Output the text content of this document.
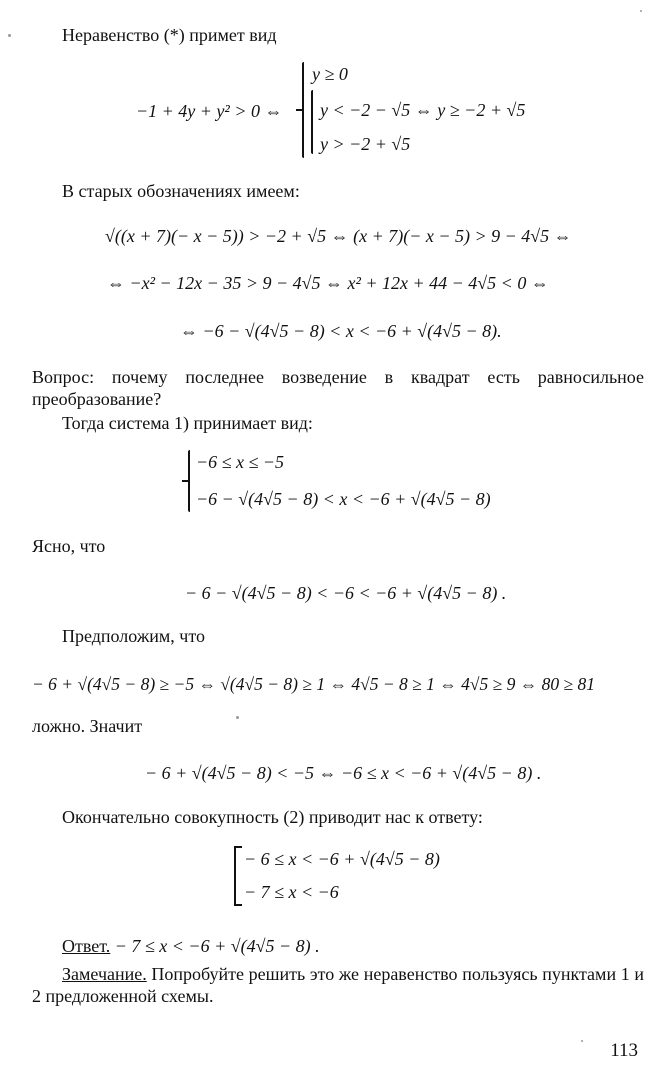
Неравенство (*) примет вид
−1 + 4y + y² > 0 ⇔
y ≥ 0
y < −2 − √5 ⇔ y ≥ −2 + √5
y > −2 + √5
В старых обозначениях имеем:
√((x + 7)(− x − 5)) > −2 + √5 ⇔ (x + 7)(− x − 5) > 9 − 4√5 ⇔
⇔ −x² − 12x − 35 > 9 − 4√5 ⇔ x² + 12x + 44 − 4√5 < 0 ⇔
⇔ −6 − √(4√5 − 8) < x < −6 + √(4√5 − 8).
Вопрос: почему последнее возведение в квадрат есть равносильное преобразование?
Тогда система 1) принимает вид:
−6 ≤ x ≤ −5
−6 − √(4√5 − 8) < x < −6 + √(4√5 − 8)
Ясно, что
− 6 − √(4√5 − 8) < −6 < −6 + √(4√5 − 8) .
Предположим, что
− 6 + √(4√5 − 8) ≥ −5 ⇔ √(4√5 − 8) ≥ 1 ⇔ 4√5 − 8 ≥ 1 ⇔ 4√5 ≥ 9 ⇔ 80 ≥ 81
ложно. Значит
− 6 + √(4√5 − 8) < −5 ⇔ −6 ≤ x < −6 + √(4√5 − 8) .
Окончательно совокупность (2) приводит нас к ответу:
− 6 ≤ x < −6 + √(4√5 − 8)
− 7 ≤ x < −6
Ответ. − 7 ≤ x < −6 + √(4√5 − 8) .
Замечание. Попробуйте решить это же неравенство пользуясь пунктами 1 и 2 предложенной схемы.
113
